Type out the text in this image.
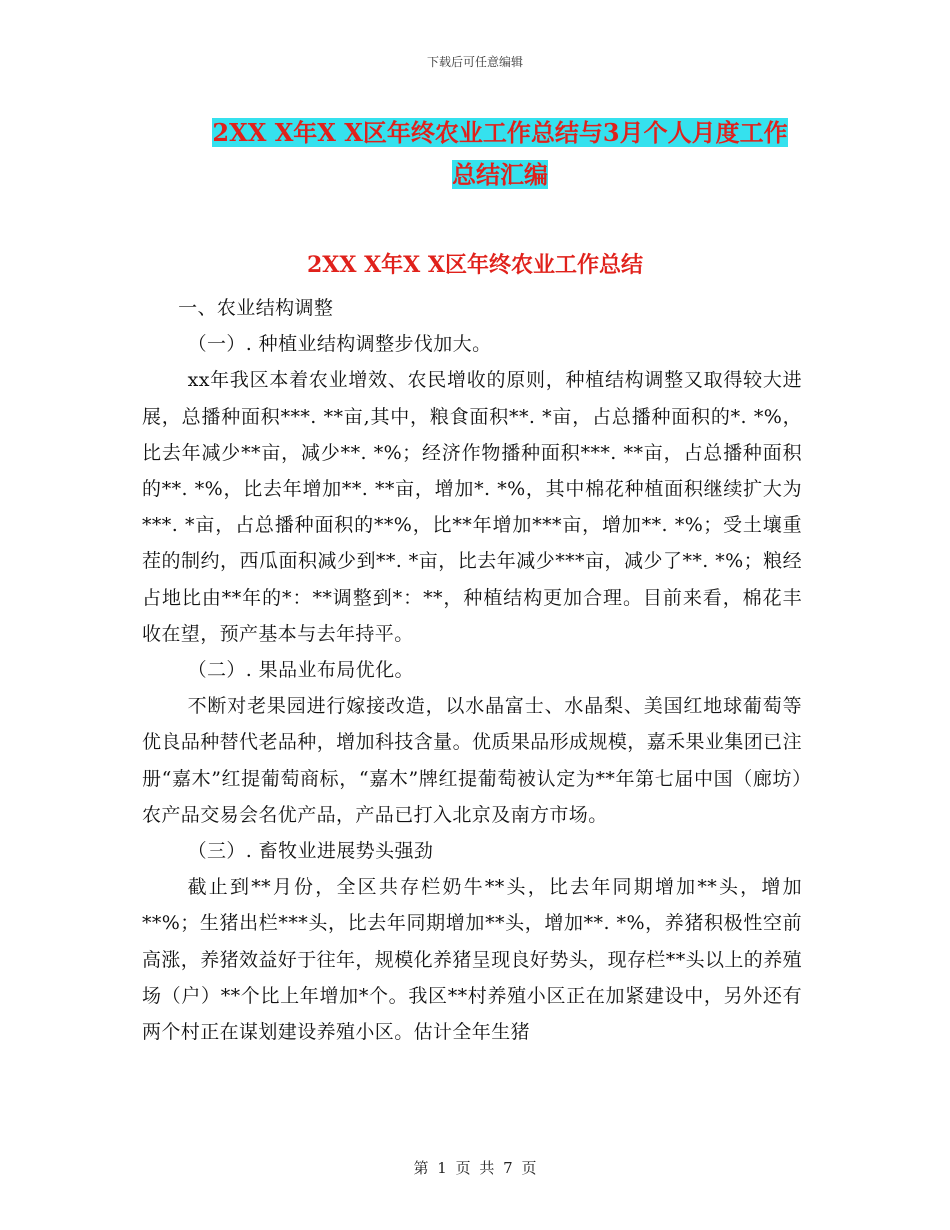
下载后可任意编辑
2XX X年X X区年终农业工作总结与3月个人月度工作
总结汇编
2XX X年X X区年终农业工作总结

一、农业结构调整

（一）. 种植业结构调整步伐加大。

xx年我区本着农业增效、农民增收的原则，种植结构调整又取得较大进展，总播种面积***. **亩,其中，粮食面积**. *亩，占总播种面积的*. *%，比去年减少**亩，减少**. *%；经济作物播种面积***. **亩，占总播种面积的**. *%，比去年增加**. **亩，增加*. *%，其中棉花种植面积继续扩大为***. *亩，占总播种面积的**%，比**年增加***亩，增加**. *%；受土壤重茬的制约，西瓜面积减少到**. *亩，比去年减少***亩，减少了**. *%；粮经占地比由**年的*：**调整到*：**，种植结构更加合理。目前来看，棉花丰收在望，预产基本与去年持平。

（二）. 果品业布局优化。

不断对老果园进行嫁接改造，以水晶富士、水晶梨、美国红地球葡萄等优良品种替代老品种，增加科技含量。优质果品形成规模，嘉禾果业集团已注册“嘉木”红提葡萄商标，“嘉木”牌红提葡萄被认定为**年第七届中国（廊坊）农产品交易会名优产品，产品已打入北京及南方市场。

（三）. 畜牧业进展势头强劲

截止到**月份，全区共存栏奶牛**头，比去年同期增加**头，增加**%；生猪出栏***头，比去年同期增加**头，增加**. *%，养猪积极性空前高涨，养猪效益好于往年，规模化养猪呈现良好势头，现存栏**头以上的养殖场（户）**个比上年增加*个。我区**村养殖小区正在加紧建设中，另外还有两个村正在谋划建设养殖小区。估计全年生猪

第 1 页 共 7 页
